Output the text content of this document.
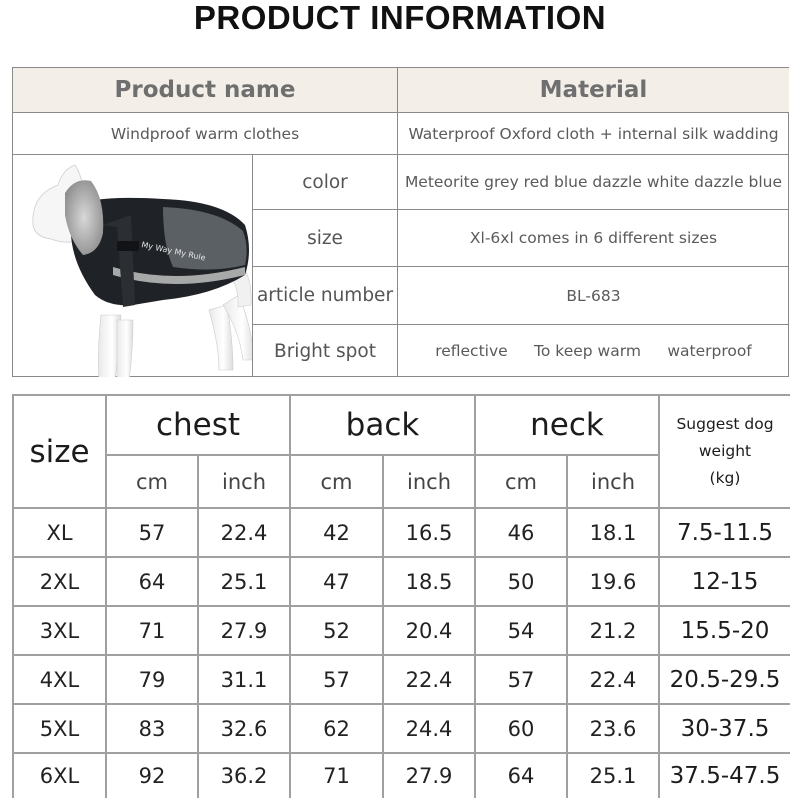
PRODUCT INFORMATION
Product name	Material
Windproof warm clothes	Waterproof Oxford cloth + internal silk wadding
My Way My Rule
color	Meteorite grey red blue dazzle white dazzle blue
size	Xl-6xl comes in 6 different sizes
article number	BL-683
Bright spot	reflective To keep warm waterproof
size
chest	back	neck	Suggest dog
weight
(kg)
cm	inch	cm	inch	cm	inch
XL	57	22.4	42	16.5	46	18.1	7.5-11.5
2XL	64	25.1	47	18.5	50	19.6	12-15
3XL	71	27.9	52	20.4	54	21.2	15.5-20
4XL	79	31.1	57	22.4	57	22.4	20.5-29.5
5XL	83	32.6	62	24.4	60	23.6	30-37.5
6XL	92	36.2	71	27.9	64	25.1	37.5-47.5
